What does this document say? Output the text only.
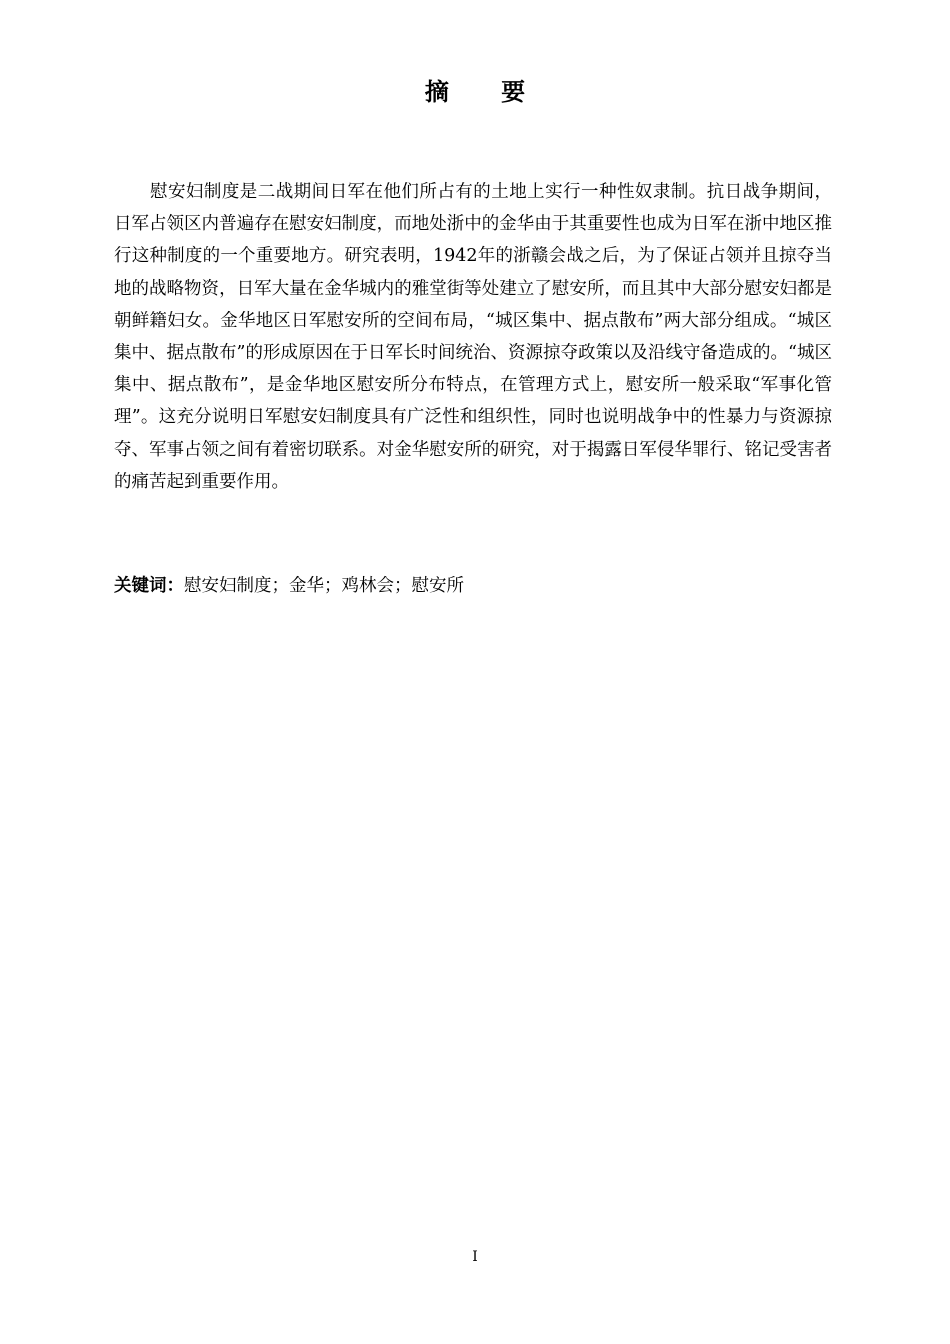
摘 要

慰安妇制度是二战期间日军在他们所占有的土地上实行一种性奴隶制。抗日战争期间，日军占领区内普遍存在慰安妇制度，而地处浙中的金华由于其重要性也成为日军在浙中地区推行这种制度的一个重要地方。研究表明，1942年的浙赣会战之后，为了保证占领并且掠夺当地的战略物资，日军大量在金华城内的雅堂街等处建立了慰安所，而且其中大部分慰安妇都是朝鲜籍妇女。金华地区日军慰安所的空间布局，“城区集中、据点散布”两大部分组成。“城区集中、据点散布”的形成原因在于日军长时间统治、资源掠夺政策以及沿线守备造成的。“城区集中、据点散布”，是金华地区慰安所分布特点，在管理方式上，慰安所一般采取“军事化管理”。这充分说明日军慰安妇制度具有广泛性和组织性，同时也说明战争中的性暴力与资源掠夺、军事占领之间有着密切联系。对金华慰安所的研究，对于揭露日军侵华罪行、铭记受害者的痛苦起到重要作用。

关键词：慰安妇制度；金华；鸡林会；慰安所

I
